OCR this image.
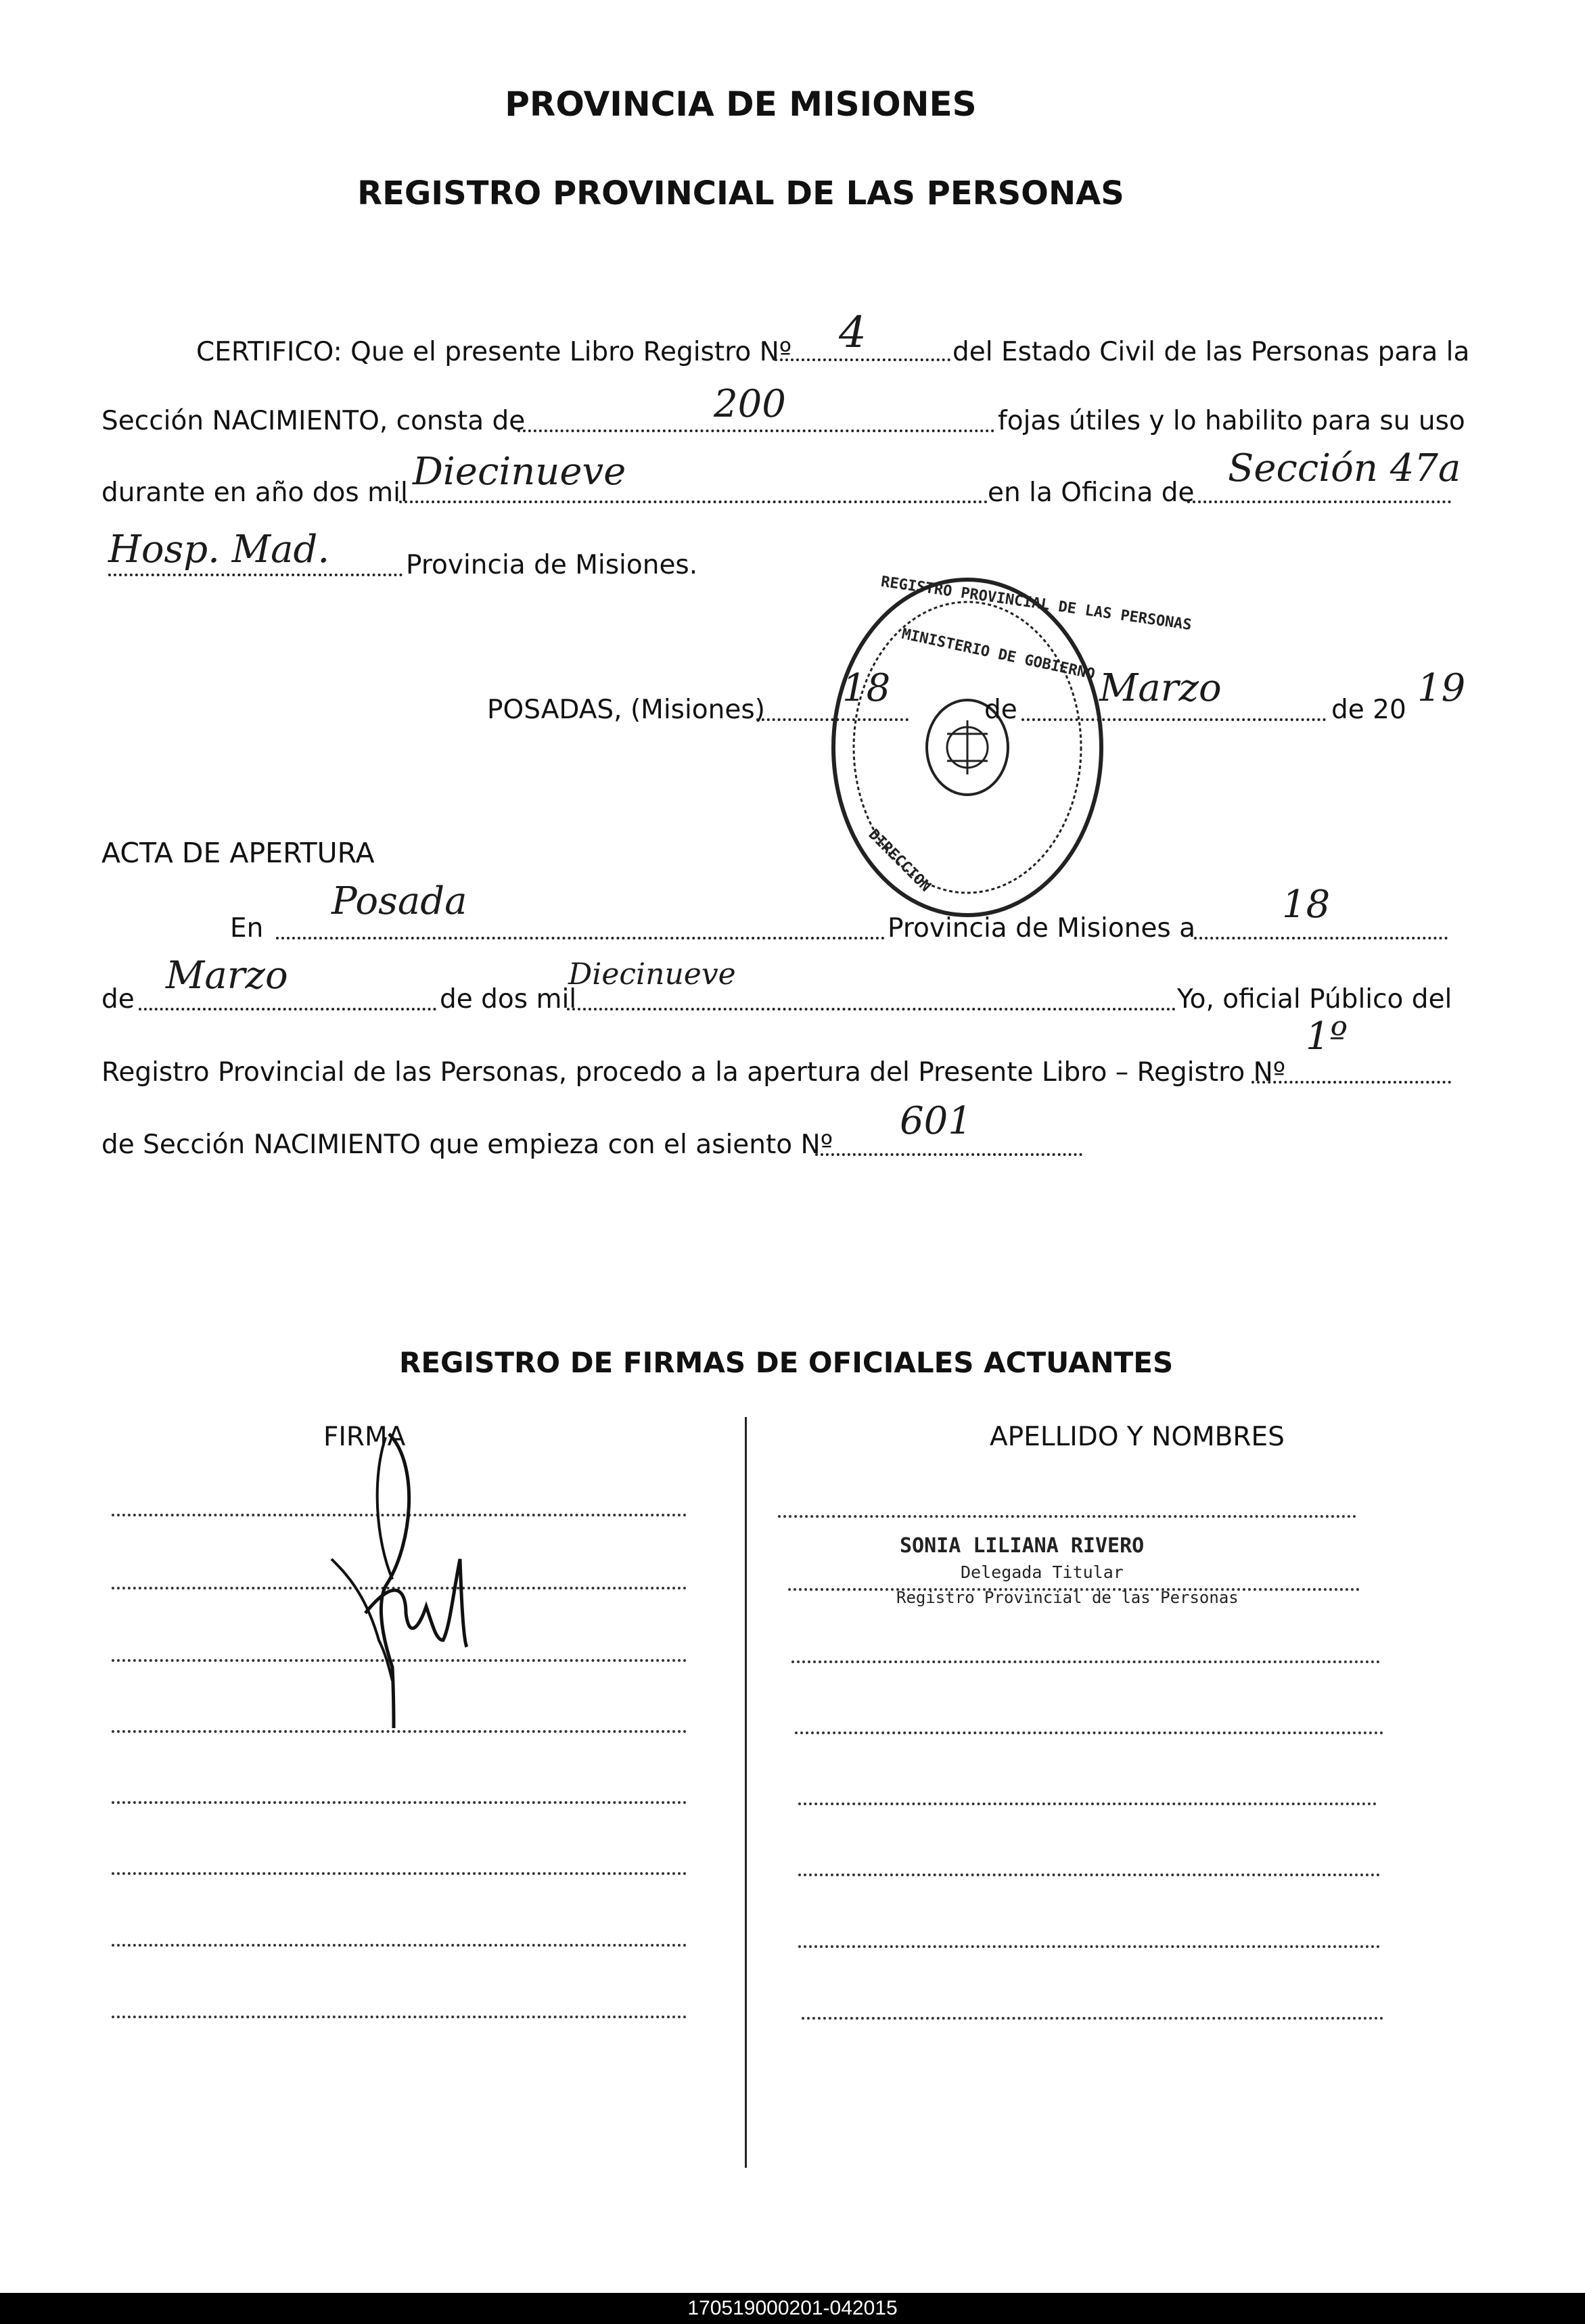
PROVINCIA DE MISIONES
REGISTRO PROVINCIAL DE LAS PERSONAS
CERTIFICO: Que el presente Libro Registro Nº 4	del Estado Civil de las Personas para la
Sección NACIMIENTO, consta de	200	fojas útiles y lo habilito para su uso
durante en año dos mil Diecinueve	en la Oficina de
Sección 47a
Hosp. Mad.	Provincia de Misiones.
REGISTRO PROVINCIAL DE LAS PERSONAS
MINISTERIO DE GOBIERNO
DIRECCION
POSADAS, (Misiones) 18	de Marzo	de 20 19
ACTA DE APERTURA
En
Posada
Provincia de Misiones a
18
de
Marzo
de dos mil
Diecinueve
Yo, oficial Público del
Registro Provincial de las Personas, procedo a la apertura del Presente Libro – Registro Nº
1º
de Sección NACIMIENTO que empieza con el asiento Nº
601
REGISTRO DE FIRMAS DE OFICIALES ACTUANTES
FIRMA	APELLIDO Y NOMBRES
SONIA LILIANA RIVERO
Delegada Titular
Registro Provincial de las Personas
170519000201-042015
